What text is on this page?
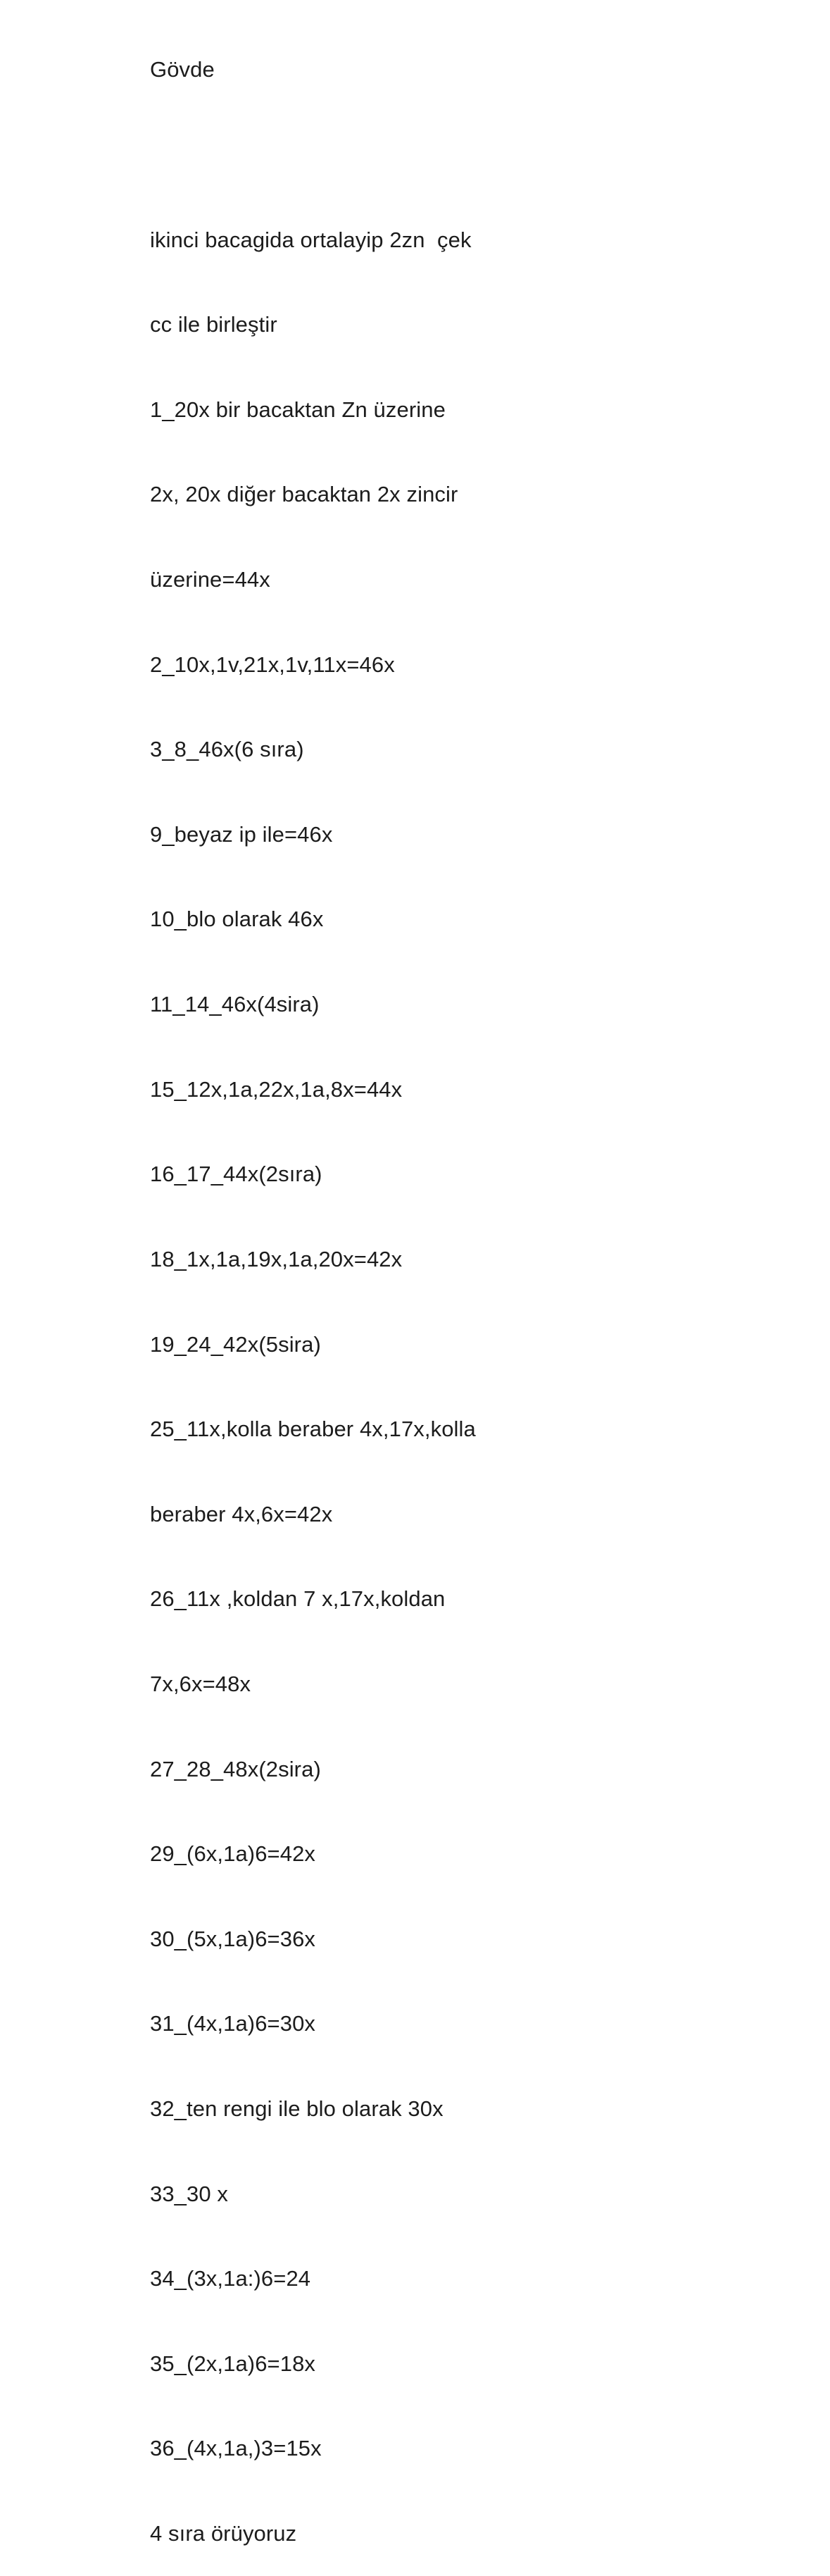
Gövde

ikinci bacagida ortalayip 2zn  çek

cc ile birleştir

1_20x bir bacaktan Zn üzerine

2x, 20x diğer bacaktan 2x zincir

üzerine=44x

2_10x,1v,21x,1v,11x=46x

3_8_46x(6 sıra)

9_beyaz ip ile=46x

10_blo olarak 46x

11_14_46x(4sira)

15_12x,1a,22x,1a,8x=44x

16_17_44x(2sıra)

18_1x,1a,19x,1a,20x=42x

19_24_42x(5sira)

25_11x,kolla beraber 4x,17x,kolla

beraber 4x,6x=42x

26_11x ,koldan 7 x,17x,koldan

7x,6x=48x

27_28_48x(2sira)

29_(6x,1a)6=42x

30_(5x,1a)6=36x

31_(4x,1a)6=30x

32_ten rengi ile blo olarak 30x

33_30 x

34_(3x,1a:)6=24

35_(2x,1a)6=18x

36_(4x,1a,)3=15x

4 sıra örüyoruz
